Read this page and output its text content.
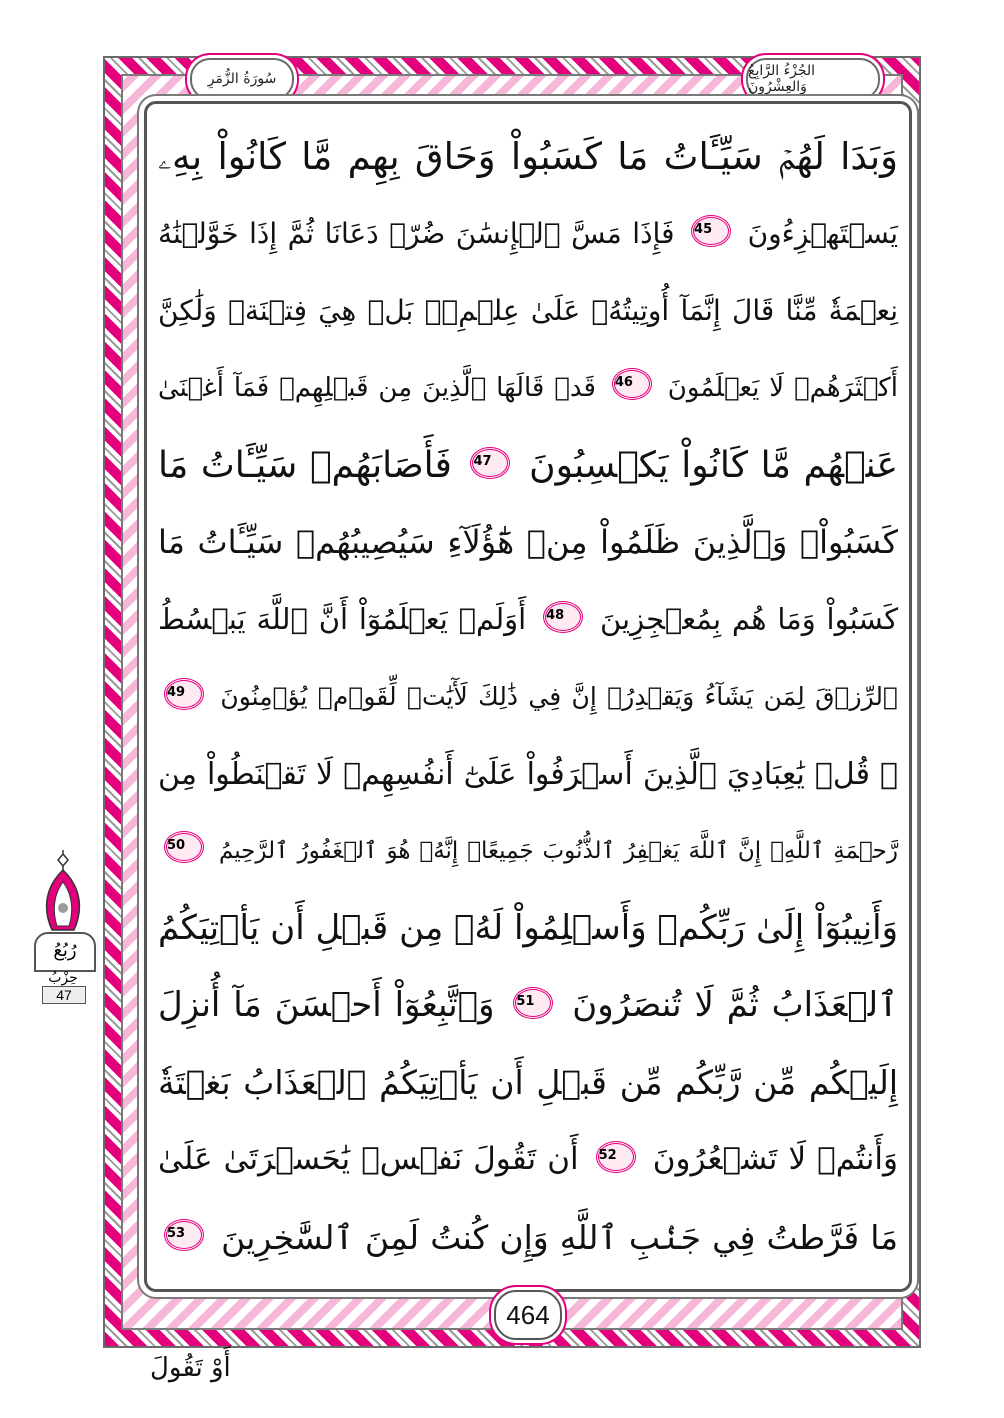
سُورَةُ الزُّمَرِ	الجُزْءُ الرَّابِعُ وَالعِشْرُونَ
وَبَدَا لَهُمۡ سَيِّـَٔاتُ مَا كَسَبُواْ وَحَاقَ بِهِم مَّا كَانُواْ بِهِۦ
يَسۡتَهۡزِءُونَ 45 فَإِذَا مَسَّ ٱلۡإِنسَٰنَ ضُرّٞ دَعَانَا ثُمَّ إِذَا خَوَّلۡنَٰهُ
نِعۡمَةٗ مِّنَّا قَالَ إِنَّمَآ أُوتِيتُهُۥ عَلَىٰ عِلۡمِۭۚ بَلۡ هِيَ فِتۡنَةٞ وَلَٰكِنَّ
أَكۡثَرَهُمۡ لَا يَعۡلَمُونَ 46 قَدۡ قَالَهَا ٱلَّذِينَ مِن قَبۡلِهِمۡ فَمَآ أَغۡنَىٰ
عَنۡهُم مَّا كَانُواْ يَكۡسِبُونَ 47 فَأَصَابَهُمۡ سَيِّـَٔاتُ مَا
كَسَبُواْۚ وَٱلَّذِينَ ظَلَمُواْ مِنۡ هَٰٓؤُلَآءِ سَيُصِيبُهُمۡ سَيِّـَٔاتُ مَا
كَسَبُواْ وَمَا هُم بِمُعۡجِزِينَ 48 أَوَلَمۡ يَعۡلَمُوٓاْ أَنَّ ٱللَّهَ يَبۡسُطُ
ٱلرِّزۡقَ لِمَن يَشَآءُ وَيَقۡدِرُۚ إِنَّ فِي ذَٰلِكَ لَأٓيَٰتٖ لِّقَوۡمٖ يُؤۡمِنُونَ 49
۞ قُلۡ يَٰعِبَادِيَ ٱلَّذِينَ أَسۡرَفُواْ عَلَىٰٓ أَنفُسِهِمۡ لَا تَقۡنَطُواْ مِن
رَّحۡمَةِ ٱللَّهِۚ إِنَّ ٱللَّهَ يَغۡفِرُ ٱلذُّنُوبَ جَمِيعًاۚ إِنَّهُۥ هُوَ ٱلۡغَفُورُ ٱلرَّحِيمُ 50
وَأَنِيبُوٓاْ إِلَىٰ رَبِّكُمۡ وَأَسۡلِمُواْ لَهُۥ مِن قَبۡلِ أَن يَأۡتِيَكُمُ
ٱلۡعَذَابُ ثُمَّ لَا تُنصَرُونَ 51 وَٱتَّبِعُوٓاْ أَحۡسَنَ مَآ أُنزِلَ
إِلَيۡكُم مِّن رَّبِّكُم مِّن قَبۡلِ أَن يَأۡتِيَكُمُ ٱلۡعَذَابُ بَغۡتَةٗ
وَأَنتُمۡ لَا تَشۡعُرُونَ 52 أَن تَقُولَ نَفۡسٞ يَٰحَسۡرَتَىٰ عَلَىٰ
مَا فَرَّطتُ فِي جَنۢبِ ٱللَّهِ وَإِن كُنتُ لَمِنَ ٱلسَّٰخِرِينَ 53
رُبُعُ
حِزْبُ
47
464
أَوْ تَقُولَ
